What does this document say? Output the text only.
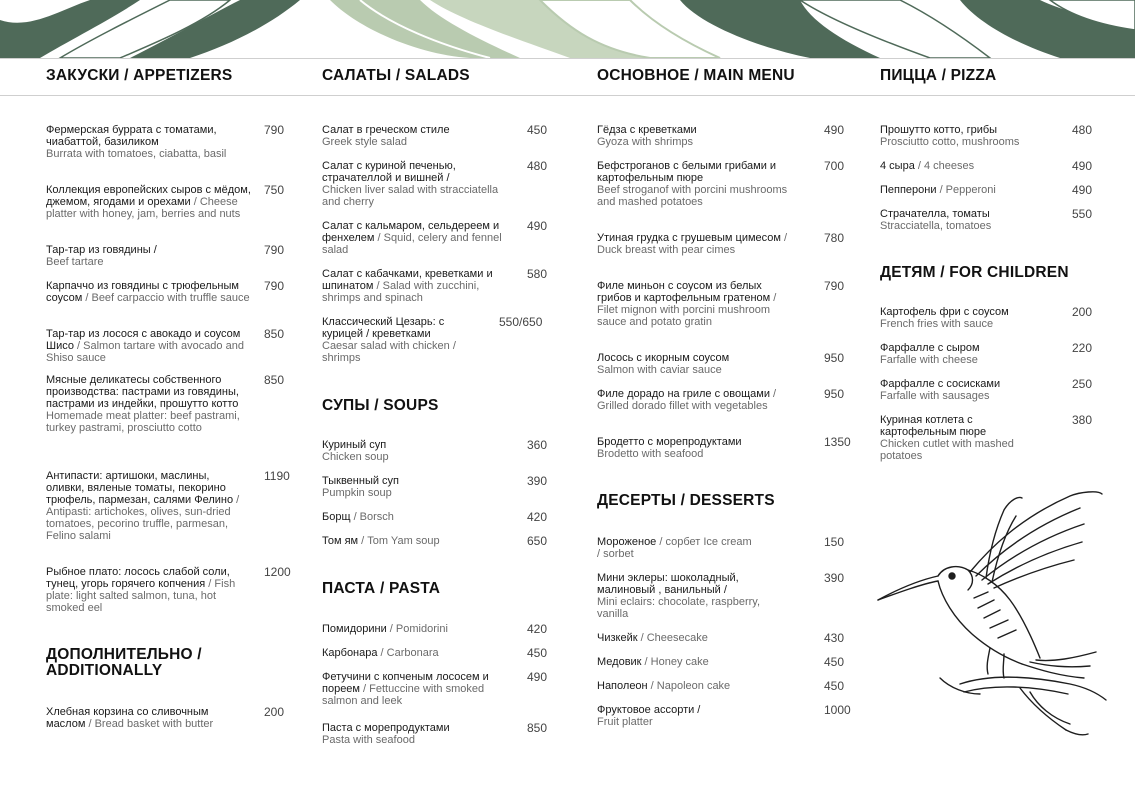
ЗАКУСКИ / APPETIZERS
Фермерская буррата с томатами, чиабаттой, базиликом
Burrata with tomatoes, ciabatta, basil
790
Коллекция европейских сыров с мёдом, джемом, ягодами и орехами / Cheese platter with honey, jam, berries and nuts
750
Тар-тар из говядины /
Beef tartare
790
Карпаччо из говядины с трюфельным соусом / Beef carpaccio with truffle sauce
790
Тар-тар из лосося с авокадо и соусом Шисо / Salmon tartare with avocado and Shiso sauce
850
Мясные деликатесы собственного производства: пастрами из говядины, пастрами из индейки, прошутто котто
Homemade meat platter: beef pastrami, turkey pastrami, prosciutto cotto
850
Антипасти: артишоки, маслины, оливки, вяленые томаты, пекорино трюфель, пармезан, салями Фелино / Antipasti: artichokes, olives, sun-dried tomatoes, pecorino truffle, parmesan, Felino salami
1190
Рыбное плато: лосось слабой соли, тунец, угорь горячего копчения / Fish plate: light salted salmon, tuna, hot smoked eel
1200
ДОПОЛНИТЕЛЬНО / ADDITIONALLY
Хлебная корзина со сливочным маслом / Bread basket with butter
200
САЛАТЫ / SALADS
Салат в греческом стиле
Greek style salad
450
Салат с куриной печенью, страчателлой и вишней /
Chicken liver salad with stracciatella and cherry
480
Салат с кальмаром, сельдереем и фенхелем / Squid, celery and fennel salad
490
Салат с кабачками, креветками и шпинатом / Salad with zucchini, shrimps and spinach
580
Классический Цезарь: с курицей / креветками
Caesar salad with chicken / shrimps
550/650
СУПЫ / SOUPS
Куриный суп
Chicken soup
360
Тыквенный суп
Pumpkin soup
390
Борщ / Borsch	420
Том ям / Tom Yam soup	650
ПАСТА / PASTA
Помидорини / Pomidorini	420
Карбонара / Carbonara	450
Фетучини с копченым лососем и пореем / Fettuccine with smoked salmon and leek
490
Паста с морепродуктами
Pasta with seafood
850
ОСНОВНОЕ / MAIN MENU
Гёдза с креветками
Gyoza with shrimps
490
Бефстроганов с белыми грибами и картофельным пюре
Beef stroganof with porcini mushrooms and mashed potatoes
700
Утиная грудка с грушевым цимесом / Duck breast with pear cimes
780
Филе миньон с соусом из белых грибов и картофельным гратеном / Filet mignon with porcini mushroom sauce and potato gratin
790
Лосось с икорным соусом
Salmon with caviar sauce
950
Филе дорадо на гриле с овощами / Grilled dorado fillet with vegetables
950
Бродетто с морепродуктами
Brodetto with seafood
1350
ДЕСЕРТЫ / DESSERTS
Мороженое / сорбет Ice cream / sorbet
150
Мини эклеры: шоколадный, малиновый , ванильный /
Mini eclairs: chocolate, raspberry, vanilla
390
Чизкейк / Cheesecake	430
Медовик / Honey cake	450
Наполеон / Napoleon cake	450
Фруктовое ассорти /
Fruit platter
1000
ПИЦЦА / PIZZA
Прошутто котто, грибы
Prosciutto cotto, mushrooms
480
4 сыра / 4 cheeses	490
Пепперони / Pepperoni	490
Страчателла, томаты
Stracciatella, tomatoes
550
ДЕТЯМ / FOR CHILDREN
Картофель фри с соусом
French fries with sauce
200
Фарфалле с сыром
Farfalle with cheese
220
Фарфалле с сосисками
Farfalle with sausages
250
Куриная котлета с картофельным пюре
Chicken cutlet with mashed potatoes
380
